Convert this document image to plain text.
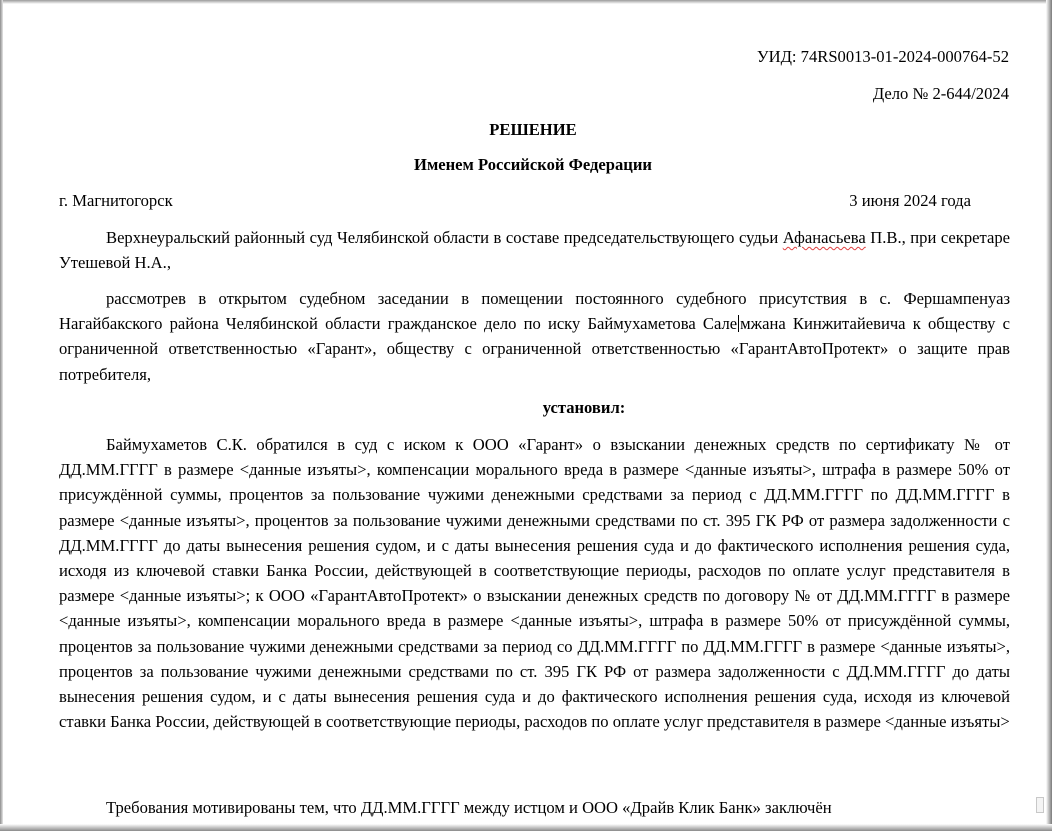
УИД: 74RS0013-01-2024-000764-52
Дело № 2-644/2024
РЕШЕНИЕ
Именем Российской Федерации
г. Магнитогорск	3 июня 2024 года
Верхнеуральский районный суд Челябинской области в составе председательствующего судьи Афанасьева П.В., при секретаре Утешевой Н.А.,
рассмотрев в открытом судебном заседании в помещении постоянного судебного присутствия в с. Фершампенуаз Нагайбакского района Челябинской области гражданское дело по иску Баймухаметова Сале мжана Кинжитайевича к обществу с ограниченной ответственностью «Гарант», обществу с ограниченной ответственностью «ГарантАвтоПротект» о защите прав потребителя,
установил:
Баймухаметов С.К. обратился в суд с иском к ООО «Гарант» о взыскании денежных средств по сертификату № от ДД.ММ.ГГГГ в размере <данные изъяты>, компенсации морального вреда в размере <данные изъяты>, штрафа в размере 50% от присуждённой суммы, процентов за пользование чужими денежными средствами за период с ДД.ММ.ГГГГ по ДД.ММ.ГГГГ в размере <данные изъяты>, процентов за пользование чужими денежными средствами по ст. 395 ГК РФ от размера задолженности с ДД.ММ.ГГГГ до даты вынесения решения судом, и с даты вынесения решения суда и до фактического исполнения решения суда, исходя из ключевой ставки Банка России, действующей в соответствующие периоды, расходов по оплате услуг представителя в размере <данные изъяты>; к ООО «ГарантАвтоПротект» о взыскании денежных средств по договору № от ДД.ММ.ГГГГ в размере <данные изъяты>, компенсации морального вреда в размере <данные изъяты>, штрафа в размере 50% от присуждённой суммы, процентов за пользование чужими денежными средствами за период со ДД.ММ.ГГГГ по ДД.ММ.ГГГГ в размере <данные изъяты>, процентов за пользование чужими денежными средствами по ст. 395 ГК РФ от размера задолженности с ДД.ММ.ГГГГ до даты вынесения решения судом, и с даты вынесения решения суда и до фактического исполнения решения суда, исходя из ключевой ставки Банка России, действующей в соответствующие периоды, расходов по оплате услуг представителя в размере <данные изъяты>
Требования мотивированы тем, что ДД.ММ.ГГГГ между истцом и ООО «Драйв Клик Банк» заключён
